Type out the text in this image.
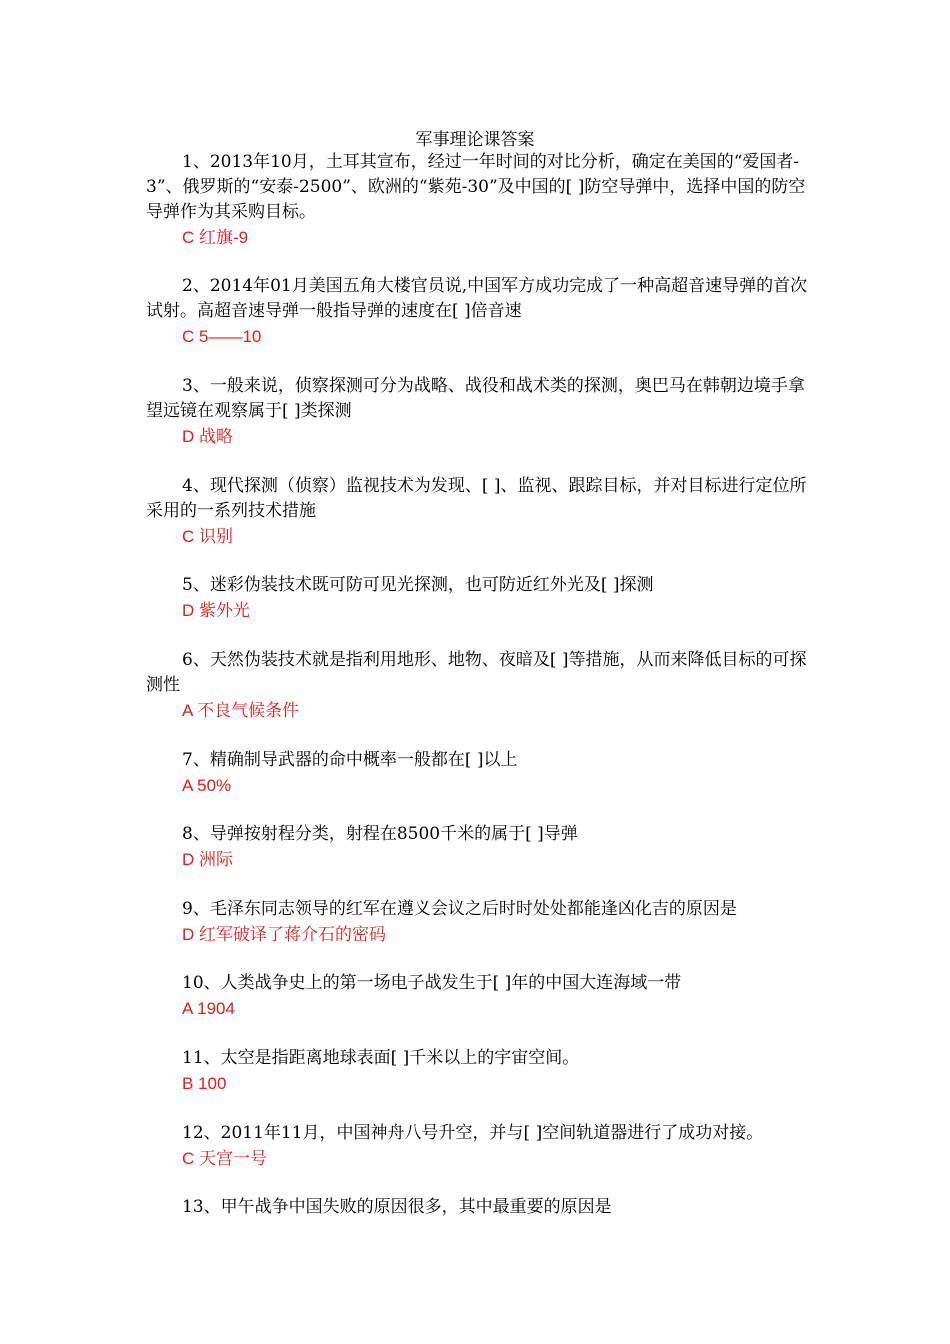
军事理论课答案
1、2013年10月，土耳其宣布，经过一年时间的对比分析，确定在美国的“爱国者-3”、俄罗斯的“安泰-2500”、欧洲的“紫苑-30”及中国的[ ]防空导弹中，选择中国的防空导弹作为其采购目标。
C 红旗-9
2、2014年01月美国五角大楼官员说,中国军方成功完成了一种高超音速导弹的首次试射。高超音速导弹一般指导弹的速度在[ ]倍音速
C 5——10
3、一般来说，侦察探测可分为战略、战役和战术类的探测，奥巴马在韩朝边境手拿望远镜在观察属于[ ]类探测
D 战略
4、现代探测（侦察）监视技术为发现、[ ]、监视、跟踪目标，并对目标进行定位所采用的一系列技术措施
C 识别
5、迷彩伪装技术既可防可见光探测，也可防近红外光及[ ]探测
D 紫外光
6、天然伪装技术就是指利用地形、地物、夜暗及[ ]等措施，从而来降低目标的可探测性
A 不良气候条件
7、精确制导武器的命中概率一般都在[ ]以上
A 50%
8、导弹按射程分类，射程在8500千米的属于[ ]导弹
D 洲际
9、毛泽东同志领导的红军在遵义会议之后时时处处都能逢凶化吉的原因是
D 红军破译了蒋介石的密码
10、人类战争史上的第一场电子战发生于[ ]年的中国大连海域一带
A 1904
11、太空是指距离地球表面[ ]千米以上的宇宙空间。
B 100
12、2011年11月，中国神舟八号升空，并与[ ]空间轨道器进行了成功对接。
C 天宫一号
13、甲午战争中国失败的原因很多，其中最重要的原因是
